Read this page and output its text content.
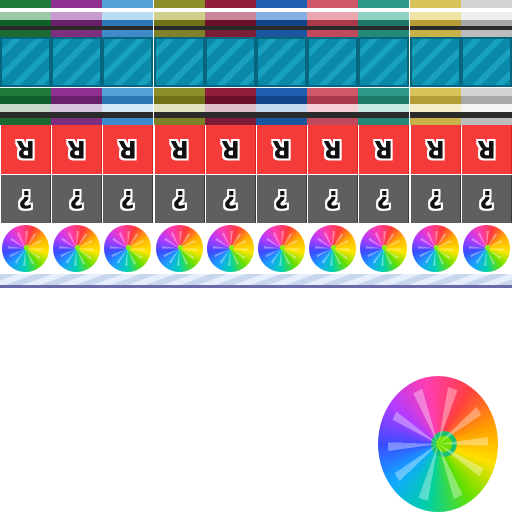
R
?
R
?
R
?
R
?
R
?
R
?
R
?
R
?
R
?
R
?
